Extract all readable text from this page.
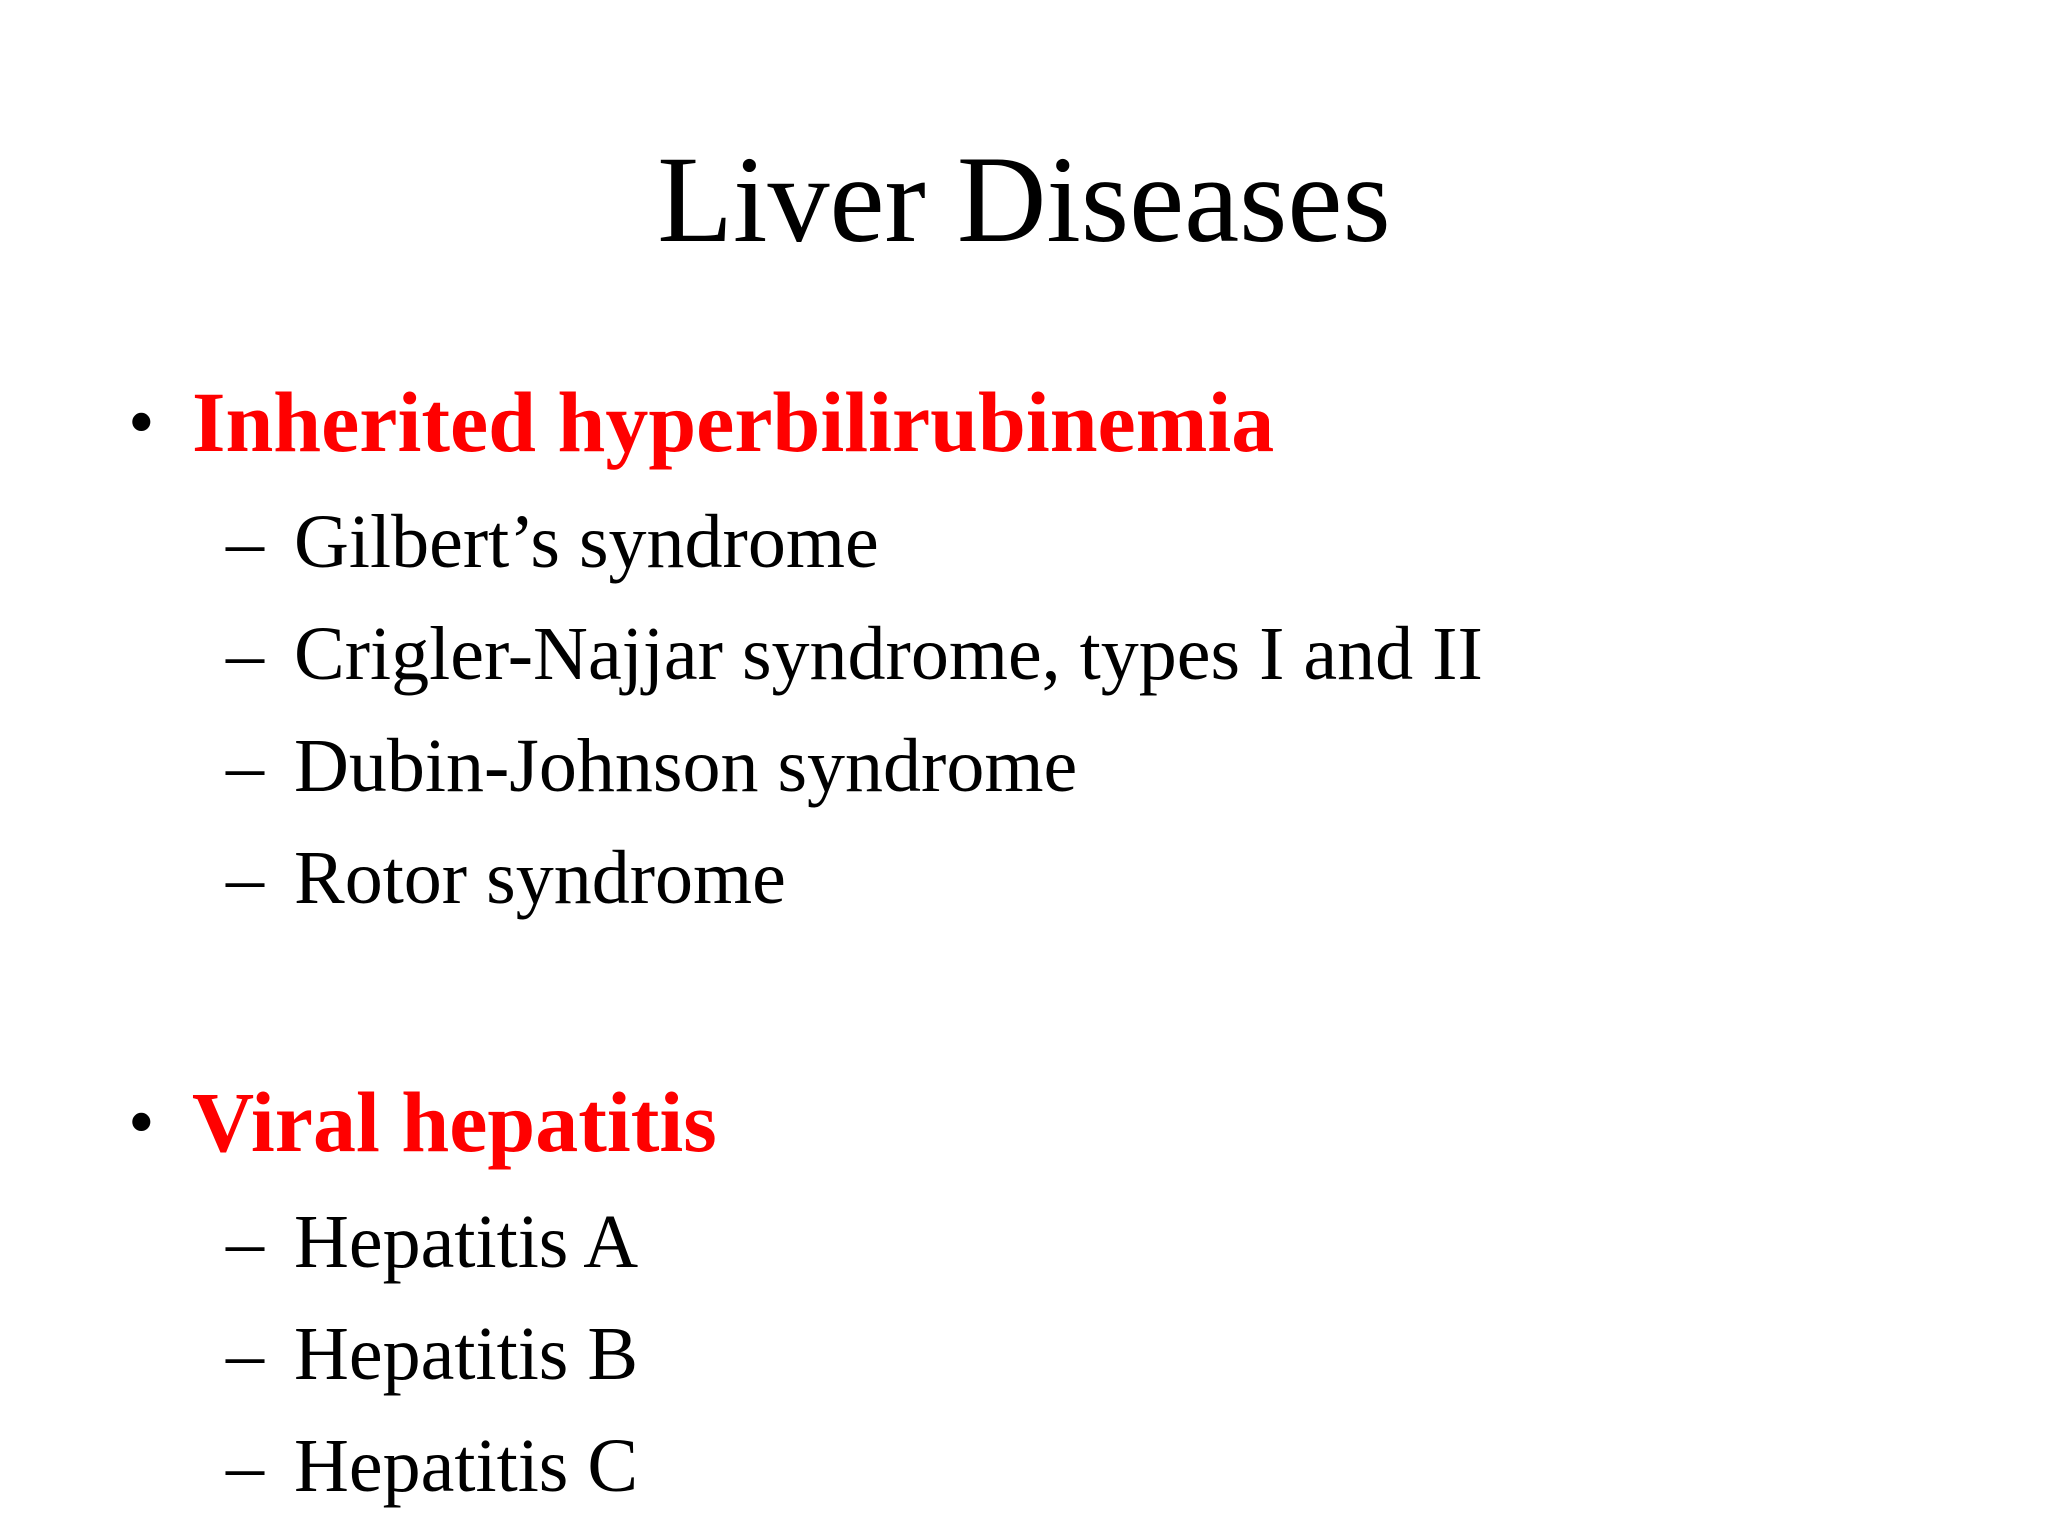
Liver Diseases
• Inherited hyperbilirubinemia
– Gilbert’s syndrome
– Crigler-Najjar syndrome, types I and II
– Dubin-Johnson syndrome
– Rotor syndrome
• Viral hepatitis
– Hepatitis A
– Hepatitis B
– Hepatitis C
